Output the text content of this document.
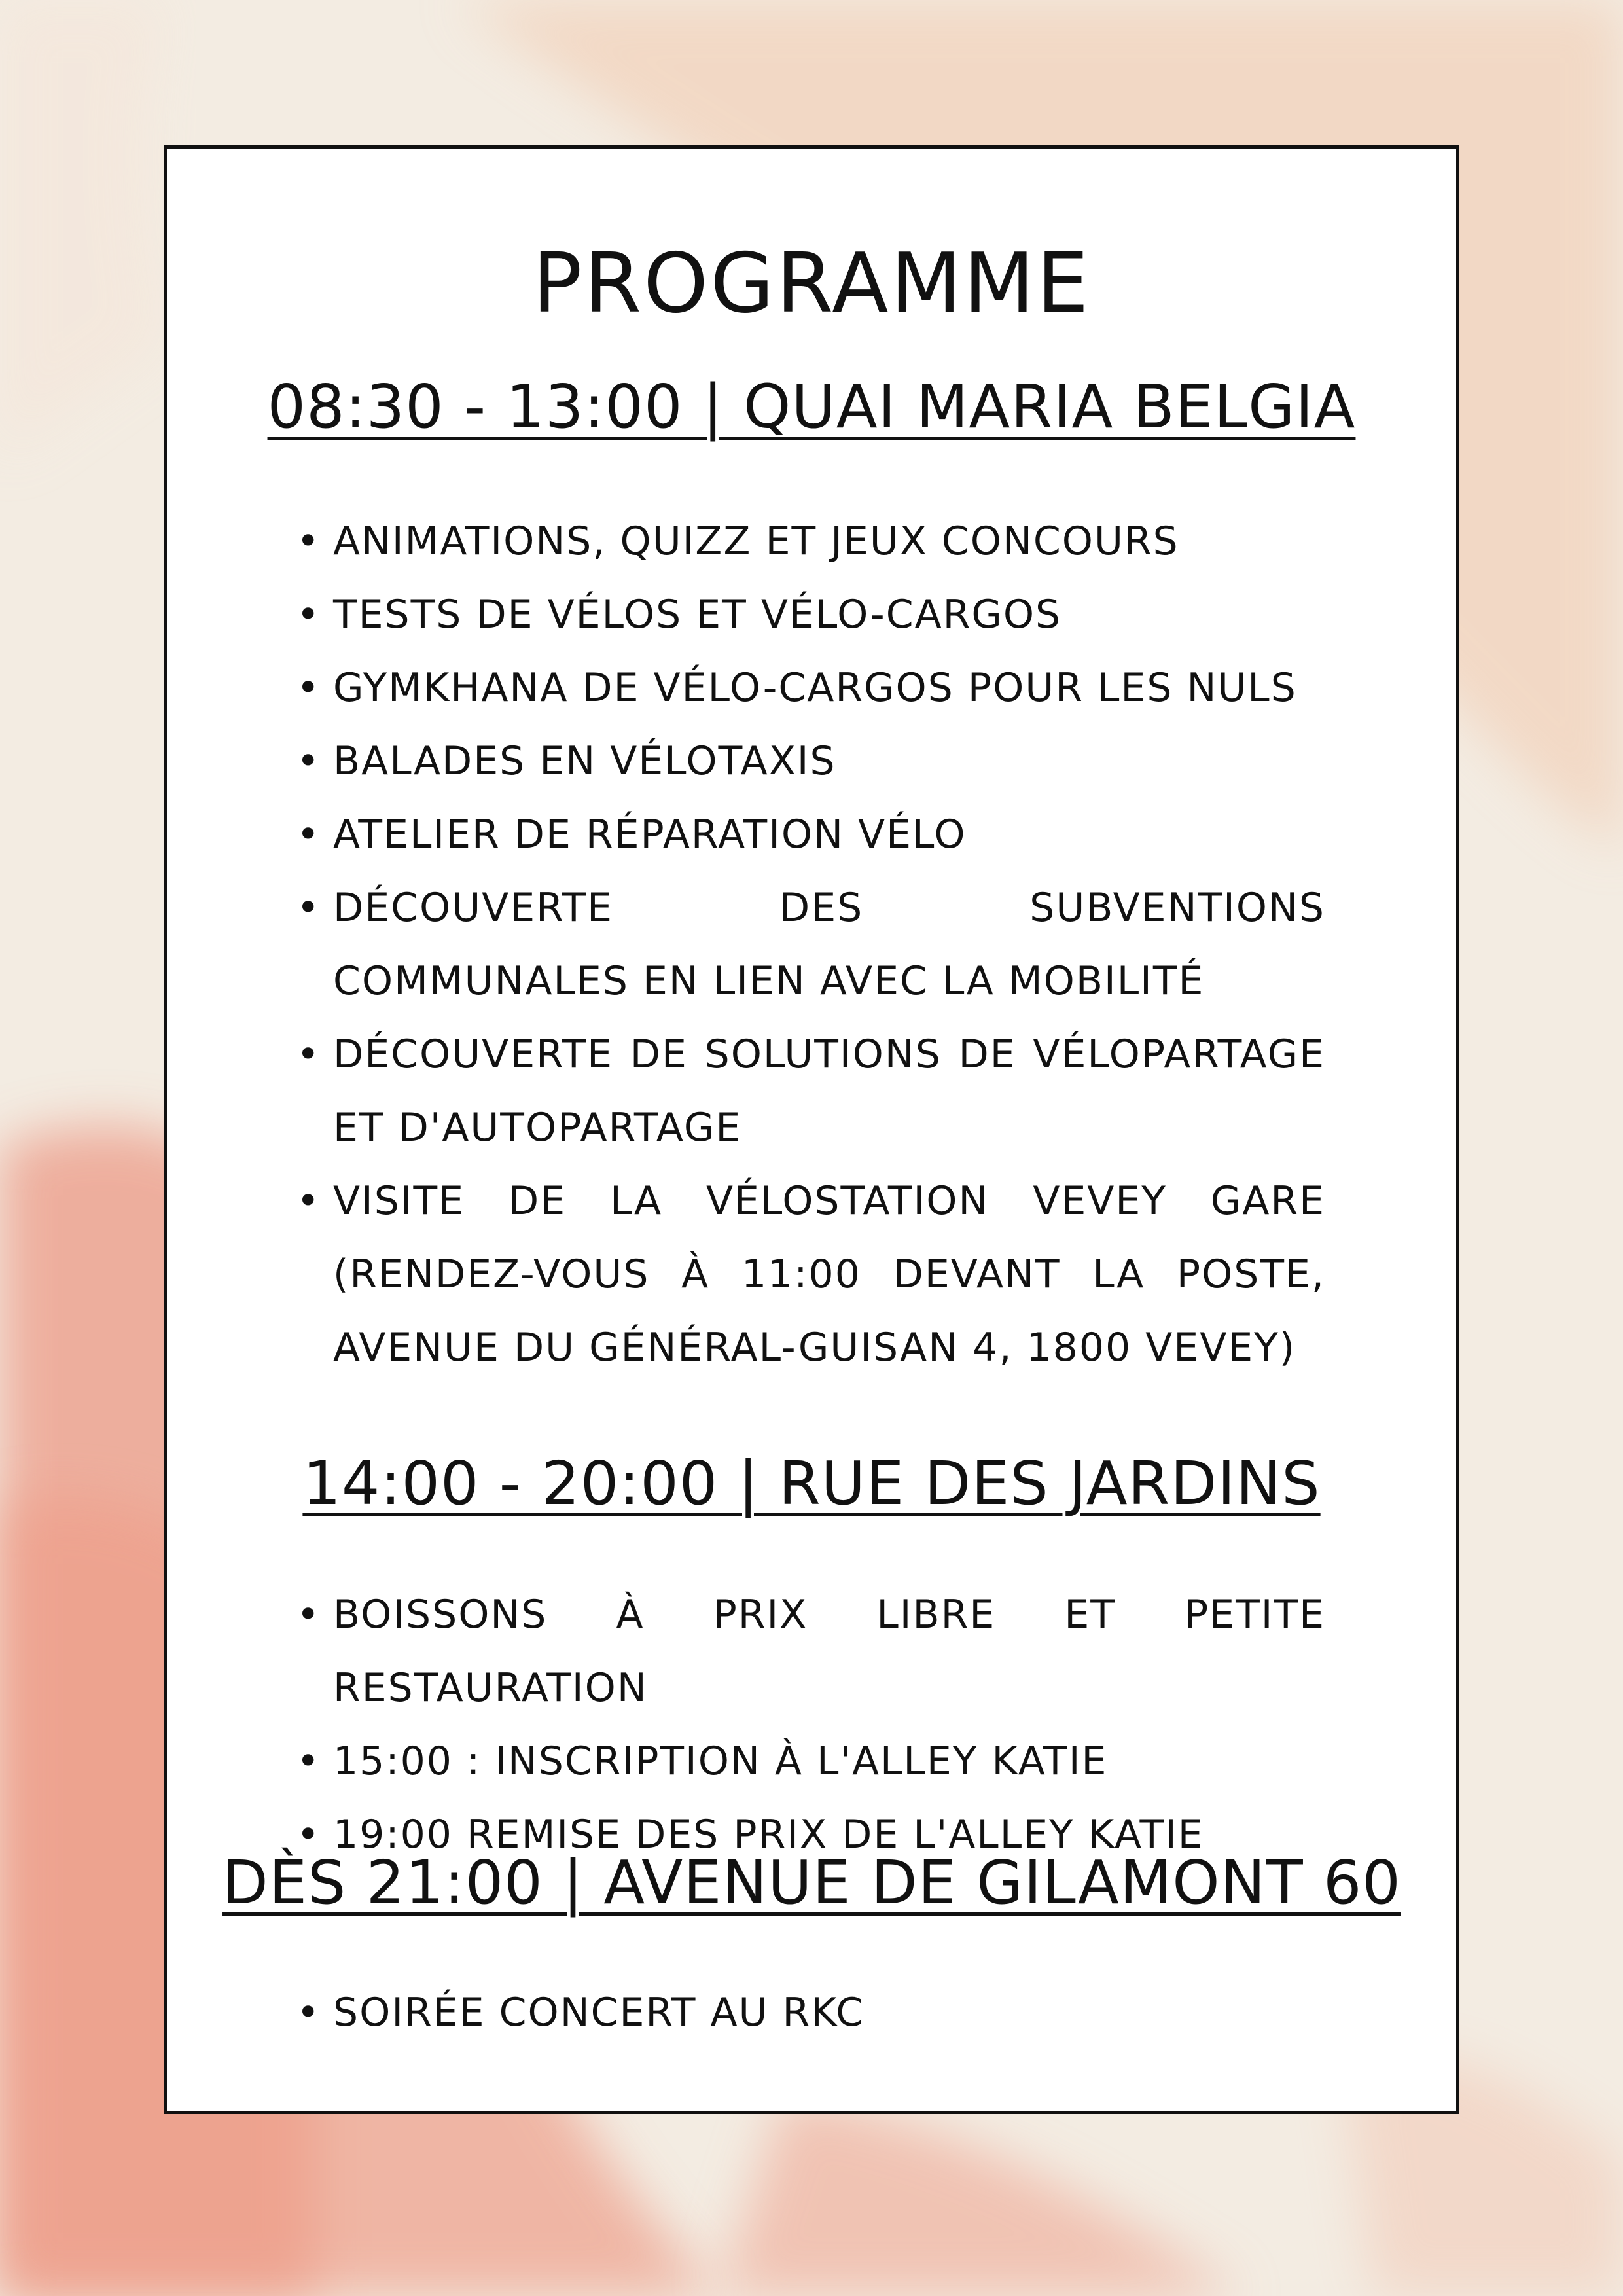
PROGRAMME
08:30 - 13:00 | QUAI MARIA BELGIA
• ANIMATIONS, QUIZZ ET JEUX CONCOURS
• TESTS DE VÉLOS ET VÉLO-CARGOS
• GYMKHANA DE VÉLO-CARGOS POUR LES NULS
• BALADES EN VÉLOTAXIS
• ATELIER DE RÉPARATION VÉLO
• DÉCOUVERTE DES SUBVENTIONS COMMUNALES EN LIEN AVEC LA MOBILITÉ
• DÉCOUVERTE DE SOLUTIONS DE VÉLOPARTAGE ET D'AUTOPARTAGE
• VISITE DE LA VÉLOSTATION VEVEY GARE (RENDEZ-VOUS À 11:00 DEVANT LA POSTE, AVENUE DU GÉNÉRAL-GUISAN 4, 1800 VEVEY)
14:00 - 20:00 | RUE DES JARDINS
• BOISSONS À PRIX LIBRE ET PETITE RESTAURATION
• 15:00 : INSCRIPTION À L'ALLEY KATIE
• 19:00 REMISE DES PRIX DE L'ALLEY KATIE
DÈS 21:00 | AVENUE DE GILAMONT 60
• SOIRÉE CONCERT AU RKC
